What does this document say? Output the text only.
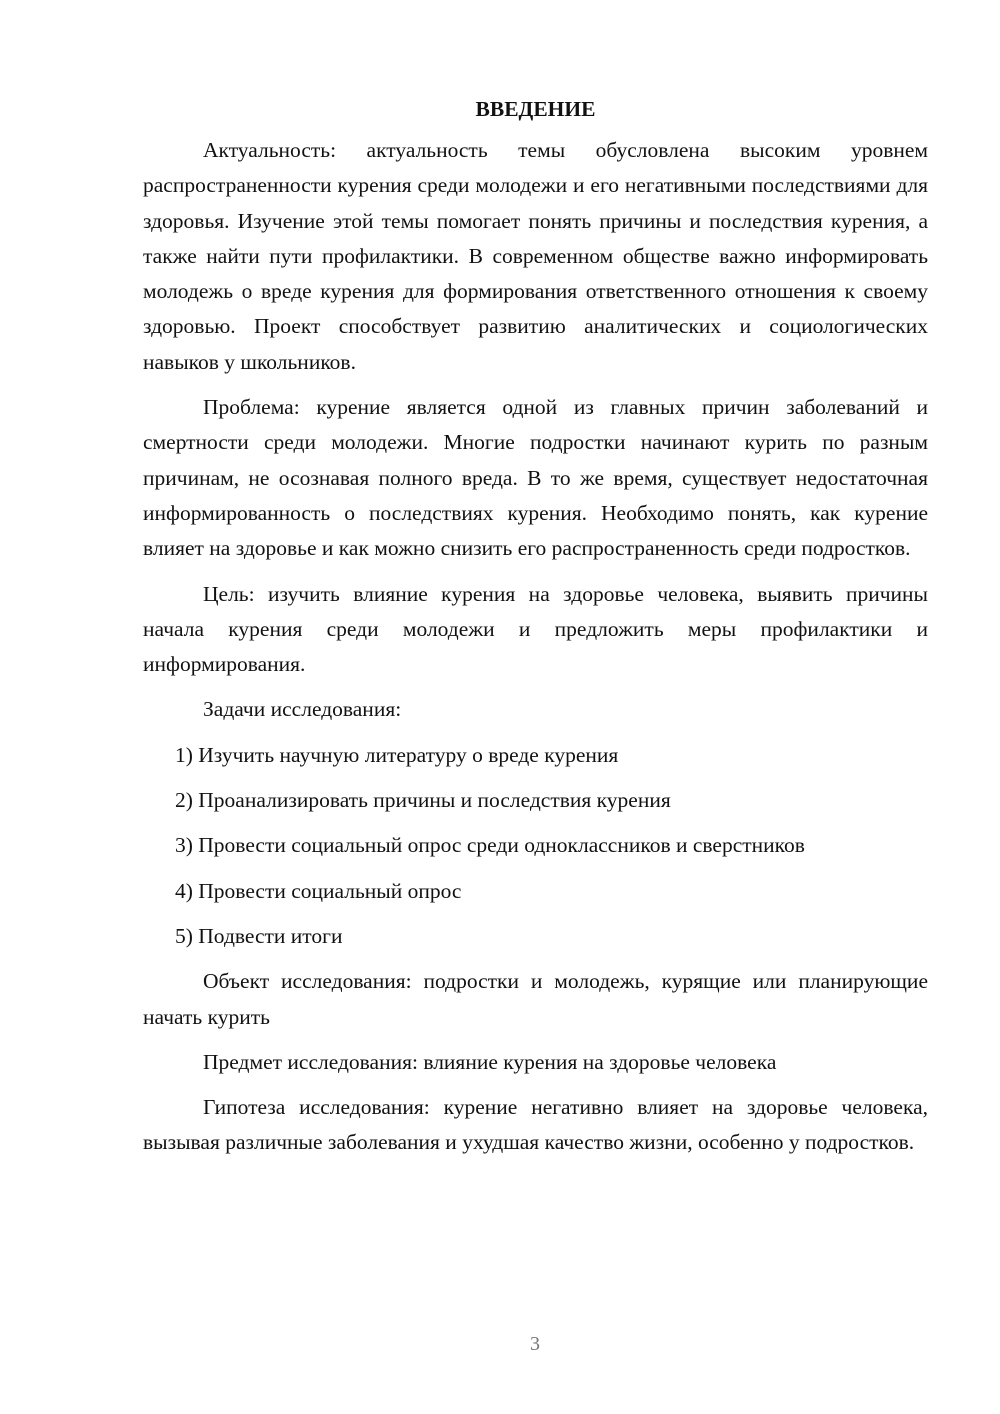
ВВЕДЕНИЕ

Актуальность: актуальность темы обусловлена высоким уровнем распространенности курения среди молодежи и его негативными последствиями для здоровья. Изучение этой темы помогает понять причины и последствия курения, а также найти пути профилактики. В современном обществе важно информировать молодежь о вреде курения для формирования ответственного отношения к своему здоровью. Проект способствует развитию аналитических и социологических навыков у школьников.

Проблема: курение является одной из главных причин заболеваний и смертности среди молодежи. Многие подростки начинают курить по разным причинам, не осознавая полного вреда. В то же время, существует недостаточная информированность о последствиях курения. Необходимо понять, как курение влияет на здоровье и как можно снизить его распространенность среди подростков.

Цель: изучить влияние курения на здоровье человека, выявить причины начала курения среди молодежи и предложить меры профилактики и информирования.

Задачи исследования:
1) Изучить научную литературу о вреде курения
2) Проанализировать причины и последствия курения
3) Провести социальный опрос среди одноклассников и сверстников
4) Провести социальный опрос
5) Подвести итоги

Объект исследования: подростки и молодежь, курящие или планирующие начать курить

Предмет исследования: влияние курения на здоровье человека

Гипотеза исследования: курение негативно влияет на здоровье человека, вызывая различные заболевания и ухудшая качество жизни, особенно у подростков.

3
